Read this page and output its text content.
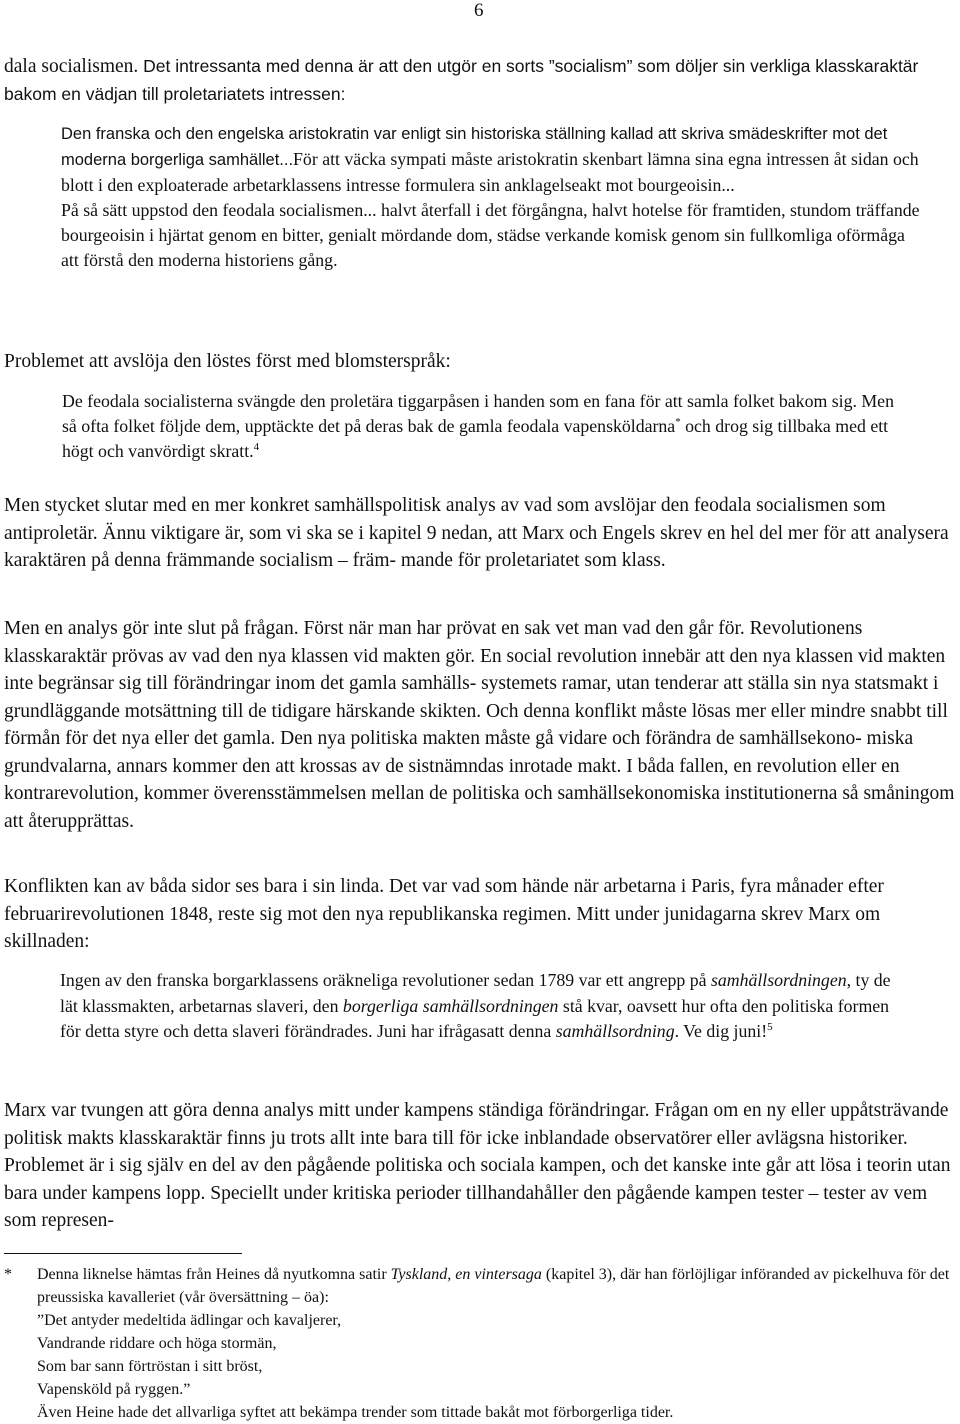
6

dala socialismen. Det intressanta med denna är att den utgör en sorts ”socialism” som döljer sin verkliga klasskaraktär bakom en vädjan till proletariatets intressen:

Den franska och den engelska aristokratin var enligt sin historiska ställning kallad att skriva smädeskrifter mot det moderna borgerliga samhället...För att väcka sympati måste aristokratin skenbart lämna sina egna intressen åt sidan och blott i den exploaterade arbetarklassens intresse formulera sin anklagelseakt mot bourgeoisin...
På så sätt uppstod den feodala socialismen... halvt återfall i det förgångna, halvt hotelse för framtiden, stundom träffande bourgeoisin i hjärtat genom en bitter, genialt mördande dom, städse verkande komisk genom sin fullkomliga oförmåga att förstå den moderna historiens gång.

Problemet att avslöja den löstes först med blomsterspråk:

De feodala socialisterna svängde den proletära tiggarpåsen i handen som en fana för att samla folket bakom sig. Men så ofta folket följde dem, upptäckte det på deras bak de gamla feodala vapensköldarna* och drog sig tillbaka med ett högt och vanvördigt skratt.$^4$

Men stycket slutar med en mer konkret samhällspolitisk analys av vad som avslöjar den feodala socialismen som antiproletär. Ännu viktigare är, som vi ska se i kapitel 9 nedan, att Marx och Engels skrev en hel del mer för att analysera karaktären på denna främmande socialism – främ- mande för proletariatet som klass.

Men en analys gör inte slut på frågan. Först när man har prövat en sak vet man vad den går för. Revolutionens klasskaraktär prövas av vad den nya klassen vid makten gör. En social revolution innebär att den nya klassen vid makten inte begränsar sig till förändringar inom det gamla samhälls- systemets ramar, utan tenderar att ställa sin nya statsmakt i grundläggande motsättning till de tidigare härskande skikten. Och denna konflikt måste lösas mer eller mindre snabbt till förmån för det nya eller det gamla. Den nya politiska makten måste gå vidare och förändra de samhällsekono- miska grundvalarna, annars kommer den att krossas av de sistnämndas inrotade makt. I båda fallen, en revolution eller en kontrarevolution, kommer överensstämmelsen mellan de politiska och samhällsekonomiska institutionerna så småningom att återupprättas.

Konflikten kan av båda sidor ses bara i sin linda. Det var vad som hände när arbetarna i Paris, fyra månader efter februarirevolutionen 1848, reste sig mot den nya republikanska regimen. Mitt under junidagarna skrev Marx om skillnaden:

Ingen av den franska borgarklassens oräkneliga revolutioner sedan 1789 var ett angrepp på samhällsordningen, ty de lät klassmakten, arbetarnas slaveri, den borgerliga samhällsordningen stå kvar, oavsett hur ofta den politiska formen för detta styre och detta slaveri förändrades. Juni har ifrågasatt denna samhällsordning. Ve dig juni!$^5$

Marx var tvungen att göra denna analys mitt under kampens ständiga förändringar. Frågan om en ny eller uppåtsträvande politisk makts klasskaraktär finns ju trots allt inte bara till för icke inblandade observatörer eller avlägsna historiker. Problemet är i sig själv en del av den pågående politiska och sociala kampen, och det kanske inte går att lösa i teorin utan bara under kampens lopp. Speciellt under kritiska perioder tillhandahåller den pågående kampen tester – tester av vem som represen-

* Denna liknelse hämtas från Heines då nyutkomna satir Tyskland, en vintersaga (kapitel 3), där han förlöjligar införanded av pickelhuva för det preussiska kavalleriet (vår översättning – öa):
”Det antyder medeltida ädlingar och kavaljerer,
Vandrande riddare och höga stormän,
Som bar sann förtröstan i sitt bröst,
Vapensköld på ryggen.”
Även Heine hade det allvarliga syftet att bekämpa trender som tittade bakåt mot förborgerliga tider.
